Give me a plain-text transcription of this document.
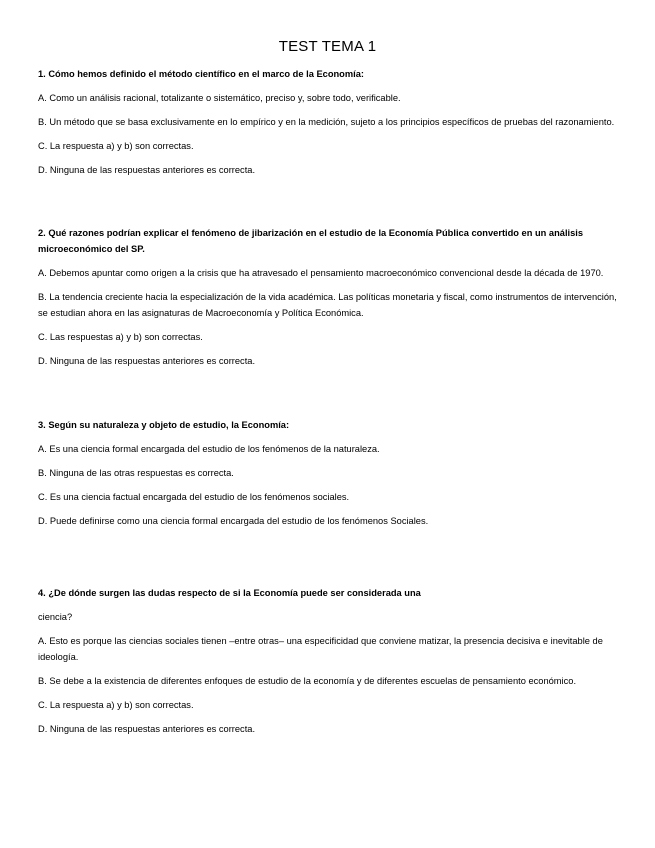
TEST TEMA 1

1. Cómo hemos definido el método científico en el marco de la Economía:

A. Como un análisis racional, totalizante o sistemático, preciso y, sobre todo, verificable.

B. Un método que se basa exclusivamente en lo empírico y en la medición, sujeto a los principios específicos de pruebas del razonamiento.

C. La respuesta a) y b) son correctas.

D. Ninguna de las respuestas anteriores es correcta.

2. Qué razones podrían explicar el fenómeno de jibarización en el estudio de la Economía Pública convertido en un análisis microeconómico del SP.

A. Debemos apuntar como origen a la crisis que ha atravesado el pensamiento macroeconómico convencional desde la década de 1970.

B. La tendencia creciente hacia la especialización de la vida académica. Las políticas monetaria y fiscal, como instrumentos de intervención, se estudian ahora en las asignaturas de Macroeconomía y Política Económica.

C. Las respuestas a) y b) son correctas.

D. Ninguna de las respuestas anteriores es correcta.

3. Según su naturaleza y objeto de estudio, la Economía:

A. Es una ciencia formal encargada del estudio de los fenómenos de la naturaleza.

B. Ninguna de las otras respuestas es correcta.

C. Es una ciencia factual encargada del estudio de los fenómenos sociales.

D. Puede definirse como una ciencia formal encargada del estudio de los fenómenos Sociales.

4. ¿De dónde surgen las dudas respecto de si la Economía puede ser considerada una

ciencia?

A. Esto es porque las ciencias sociales tienen –entre otras– una especificidad que conviene matizar, la presencia decisiva e inevitable de ideología.

B. Se debe a la existencia de diferentes enfoques de estudio de la economía y de diferentes escuelas de pensamiento económico.

C. La respuesta a) y b) son correctas.

D. Ninguna de las respuestas anteriores es correcta.
